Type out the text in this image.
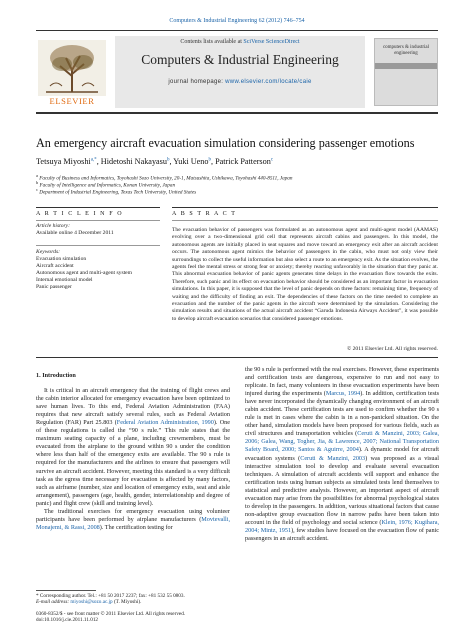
Computers & Industrial Engineering 62 (2012) 746–754
ELSEVIER
Contents lists available at SciVerse ScienceDirect
Computers & Industrial Engineering
journal homepage: www.elsevier.com/locate/caie
computers & industrial engineering
An emergency aircraft evacuation simulation considering passenger emotions
Tetsuya Miyoshi$^{a,*}$, Hidetoshi Nakayasu$^b$, Yuki Ueno$^b$, Patrick Patterson$^c$
$^a$ Faculty of Business and Informatics, Toyohashi Sozo University, 20-1, Matsushita, Ushikawa, Toyohashi 440-8511, Japan
$^b$ Faculty of Intelligence and Informatics, Konan University, Japan
$^c$ Department of Industrial Engineering, Texas Tech University, United States
A R T I C L E I N F O
Article history:
Available online 4 December 2011
Keywords:
Evacuation simulation
Aircraft accident
Autonomous agent and multi-agent system
Internal emotional model
Panic passenger
A B S T R A C T
The evacuation behavior of passengers was formulated as an autonomous agent and multi-agent model (AAMAS) evolving over a two-dimensional grid cell that represents aircraft cabins and passengers. In this model, the autonomous agents are initially placed in seat squares and move toward an emergency exit after an aircraft accident occurs. The autonomous agent mimics the behavior of passengers in the cabin, who must not only view their surroundings to collect the useful information but also select a route to an emergency exit. As the situation evolves, the agents feel the mental stress or strong fear or anxiety; thereby reacting unfavorably in the situation that they panic at. This abnormal evacuation behavior of panic agents generates time delays in the evacuation flow towards the exits. Therefore, such panic and its effect on evacuation behavior should be considered as an important factor in evacuation simulations. In this paper, it is supposed that the level of panic depends on three factors: remaining time, frequency of waiting and the difficulty of finding an exit. The dependencies of these factors on the time needed to complete an evacuation and the number of the panic agents in the aircraft were determined by the simulation. Considering the simulation results and situations of the actual aircraft accident “Garuda Indonesia Airways Accident”, it was possible to develop aircraft evacuation scenarios that considered passenger emotions.
© 2011 Elsevier Ltd. All rights reserved.

1. Introduction

It is critical in an aircraft emergency that the training of flight crews and the cabin interior allocated for emergency evacuation have been optimized to save human lives. To this end, Federal Aviation Administration (FAA) requires that new aircraft satisfy several rules, such as Federal Aviation Regulation (FAR) Part 25.803 (Federal Aviation Administration, 1990). One of these regulations is called the “90 s rule.” This rule states that the maximum seating capacity of a plane, including crewmembers, must be evacuated from the airplane to the ground within 90 s under the condition where less than half of the emergency exits are available. The 90 s rule is required for the manufacturers and the airlines to ensure that passengers will survive an aircraft accident. However, meeting this standard is a very difficult task as the egress time necessary for evacuation is affected by many factors, such as airframe (number, size and location of emergency exits, seat and aisle arrangement), passengers (age, health, gender, interrelationship and degree of panic) and flight crew (skill and training level).

The traditional exercises for emergency evacuation using volunteer participants have been performed by airplane manufacturers (Movtevalli, Monajemi, & Rassi, 2008). The certification testing for

* Corresponding author. Tel.: +81 50 2017 2237; fax: +81 532 55 0803.
E-mail address: miyoshi@sozo.ac.jp (T. Miyoshi).
0360-8352/$ - see front matter © 2011 Elsevier Ltd. All rights reserved.
doi:10.1016/j.cie.2011.11.012

the 90 s rule is performed with the real exercises. However, these experiments and certification tests are dangerous, expensive to run and not easy to replicate. In fact, many volunteers in these evacuation experiments have been injured during the experiments (Marcus, 1994). In addition, certification tests have never incorporated the dynamically changing environment of an aircraft cabin accident. These certification tests are used to confirm whether the 90 s rule is met in cases where the cabin is in a non-panicked situation. On the other hand, simulation models have been proposed for various fields, such as civil structures and transportation vehicles (Ceruti & Manzini, 2003; Galea, 2006; Galea, Wang, Togher, Jia, & Lawrence, 2007; National Transportation Safety Board, 2000; Santos & Aguirre, 2004). A dynamic model for aircraft evacuation systems (Ceruti & Manzini, 2003) was proposed as a visual interactive simulation tool to develop and evaluate several evacuation techniques. A simulation of aircraft accidents will support and enhance the certification tests using human subjects as simulated tests lend themselves to statistical and predictive analysis. However, an important aspect of aircraft evacuation may arise from the possibilities for abnormal psychological states to develop in the passengers. In addition, various situational factors that cause non-adaptive group evacuation flow in narrow paths have been taken into account in the field of psychology and social science (Klein, 1976; Kugihara, 2004; Mintz, 1951), few studies have focused on the evacuation flow of panic passengers in an aircraft accident.
